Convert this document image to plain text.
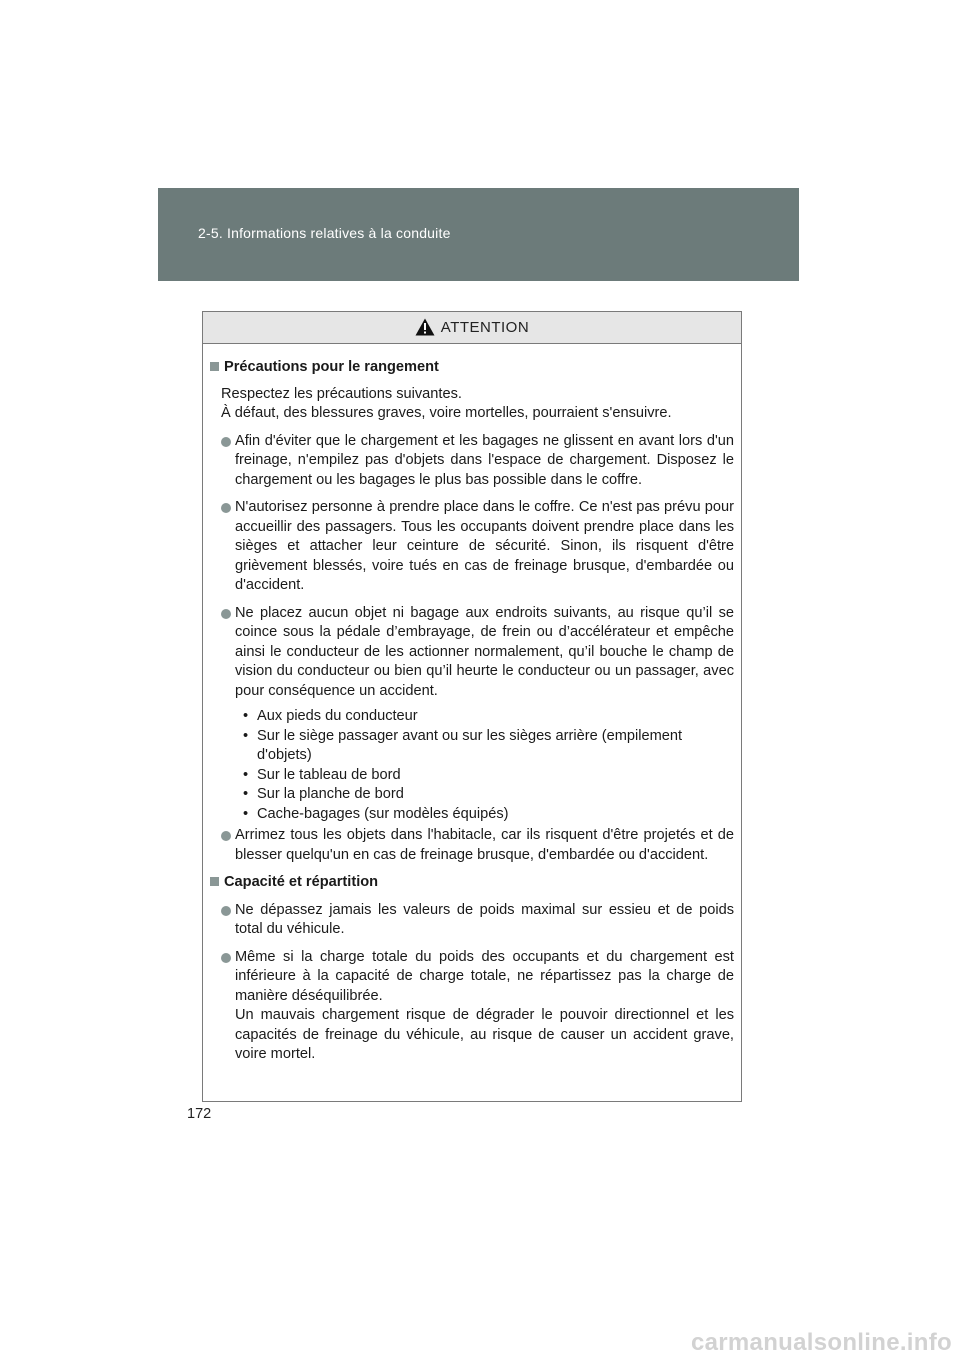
2-5. Informations relatives à la conduite
ATTENTION
Précautions pour le rangement
Respectez les précautions suivantes.
À défaut, des blessures graves, voire mortelles, pourraient s'ensuivre.
Afin d'éviter que le chargement et les bagages ne glissent en avant lors d'un freinage, n'empilez pas d'objets dans l'espace de chargement. Disposez le chargement ou les bagages le plus bas possible dans le coffre.
N'autorisez personne à prendre place dans le coffre. Ce n'est pas prévu pour accueillir des passagers. Tous les occupants doivent prendre place dans les sièges et attacher leur ceinture de sécurité. Sinon, ils risquent d'être grièvement blessés, voire tués en cas de freinage brusque, d'embardée ou d'accident.
Ne placez aucun objet ni bagage aux endroits suivants, au risque qu’il se coince sous la pédale d’embrayage, de frein ou d’accélérateur et empêche ainsi le conducteur de les actionner normalement, qu’il bouche le champ de vision du conducteur ou bien qu’il heurte le conducteur ou un passager, avec pour conséquence un accident.
• Aux pieds du conducteur
• Sur le siège passager avant ou sur les sièges arrière (empilement d'objets)
• Sur le tableau de bord
• Sur la planche de bord
• Cache-bagages (sur modèles équipés)
Arrimez tous les objets dans l'habitacle, car ils risquent d'être projetés et de blesser quelqu'un en cas de freinage brusque, d'embardée ou d'accident.
Capacité et répartition
Ne dépassez jamais les valeurs de poids maximal sur essieu et de poids total du véhicule.
Même si la charge totale du poids des occupants et du chargement est inférieure à la capacité de charge totale, ne répartissez pas la charge de manière déséquilibrée.
Un mauvais chargement risque de dégrader le pouvoir directionnel et les capacités de freinage du véhicule, au risque de causer un accident grave, voire mortel.
172
carmanualsonline.info
